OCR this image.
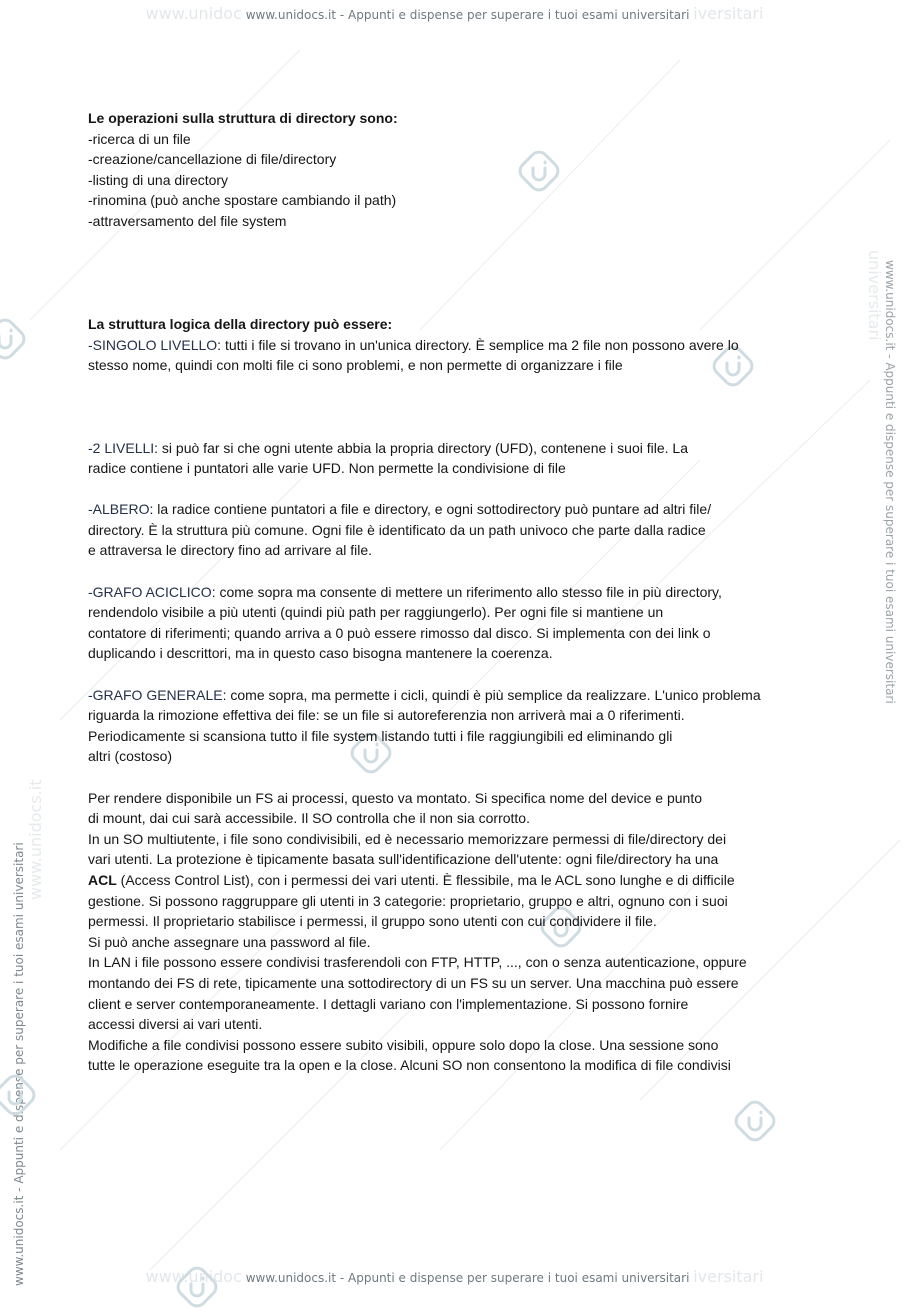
www.unidoc www.unidocs.it - Appunti e dispense per superare i tuoi esami universitari iversitari
www.unidoc www.unidocs.it - Appunti e dispense per superare i tuoi esami universitari iversitari
www.unidocs.it - Appunti e dispense per superare i tuoi esami universitari
www.unidocs.it
www.unidocs.it - Appunti e dispense per superare i tuoi esami universitari
universitari
Le operazioni sulla struttura di directory sono:
-ricerca di un file
-creazione/cancellazione di file/directory
-listing di una directory
-rinomina (può anche spostare cambiando il path)
-attraversamento del file system
La struttura logica della directory può essere:
-SINGOLO LIVELLO: tutti i file si trovano in un'unica directory. È semplice ma 2 file non possono avere lo
stesso nome, quindi con molti file ci sono problemi, e non permette di organizzare i file
-2 LIVELLI: si può far si che ogni utente abbia la propria directory (UFD), contenene i suoi file. La
radice contiene i puntatori alle varie UFD. Non permette la condivisione di file
-ALBERO: la radice contiene puntatori a file e directory, e ogni sottodirectory può puntare ad altri file/
directory. È la struttura più comune. Ogni file è identificato da un path univoco che parte dalla radice
e attraversa le directory fino ad arrivare al file.
-GRAFO ACICLICO: come sopra ma consente di mettere un riferimento allo stesso file in più directory,
rendendolo visibile a più utenti (quindi più path per raggiungerlo). Per ogni file si mantiene un
contatore di riferimenti; quando arriva a 0 può essere rimosso dal disco. Si implementa con dei link o
duplicando i descrittori, ma in questo caso bisogna mantenere la coerenza.
-GRAFO GENERALE: come sopra, ma permette i cicli, quindi è più semplice da realizzare. L'unico problema
riguarda la rimozione effettiva dei file: se un file si autoreferenzia non arriverà mai a 0 riferimenti.
Periodicamente si scansiona tutto il file system listando tutti i file raggiungibili ed eliminando gli
altri (costoso)
Per rendere disponibile un FS ai processi, questo va montato. Si specifica nome del device e punto
di mount, dai cui sarà accessibile. Il SO controlla che il non sia corrotto.
In un SO multiutente, i file sono condivisibili, ed è necessario memorizzare permessi di file/directory dei
vari utenti. La protezione è tipicamente basata sull'identificazione dell'utente: ogni file/directory ha una
ACL (Access Control List), con i permessi dei vari utenti. È flessibile, ma le ACL sono lunghe e di difficile
gestione. Si possono raggruppare gli utenti in 3 categorie: proprietario, gruppo e altri, ognuno con i suoi
permessi. Il proprietario stabilisce i permessi, il gruppo sono utenti con cui condividere il file.
Si può anche assegnare una password al file.
In LAN i file possono essere condivisi trasferendoli con FTP, HTTP, ..., con o senza autenticazione, oppure
montando dei FS di rete, tipicamente una sottodirectory di un FS su un server. Una macchina può essere
client e server contemporaneamente. I dettagli variano con l'implementazione. Si possono fornire
accessi diversi ai vari utenti.
Modifiche a file condivisi possono essere subito visibili, oppure solo dopo la close. Una sessione sono
tutte le operazione eseguite tra la open e la close. Alcuni SO non consentono la modifica di file condivisi
